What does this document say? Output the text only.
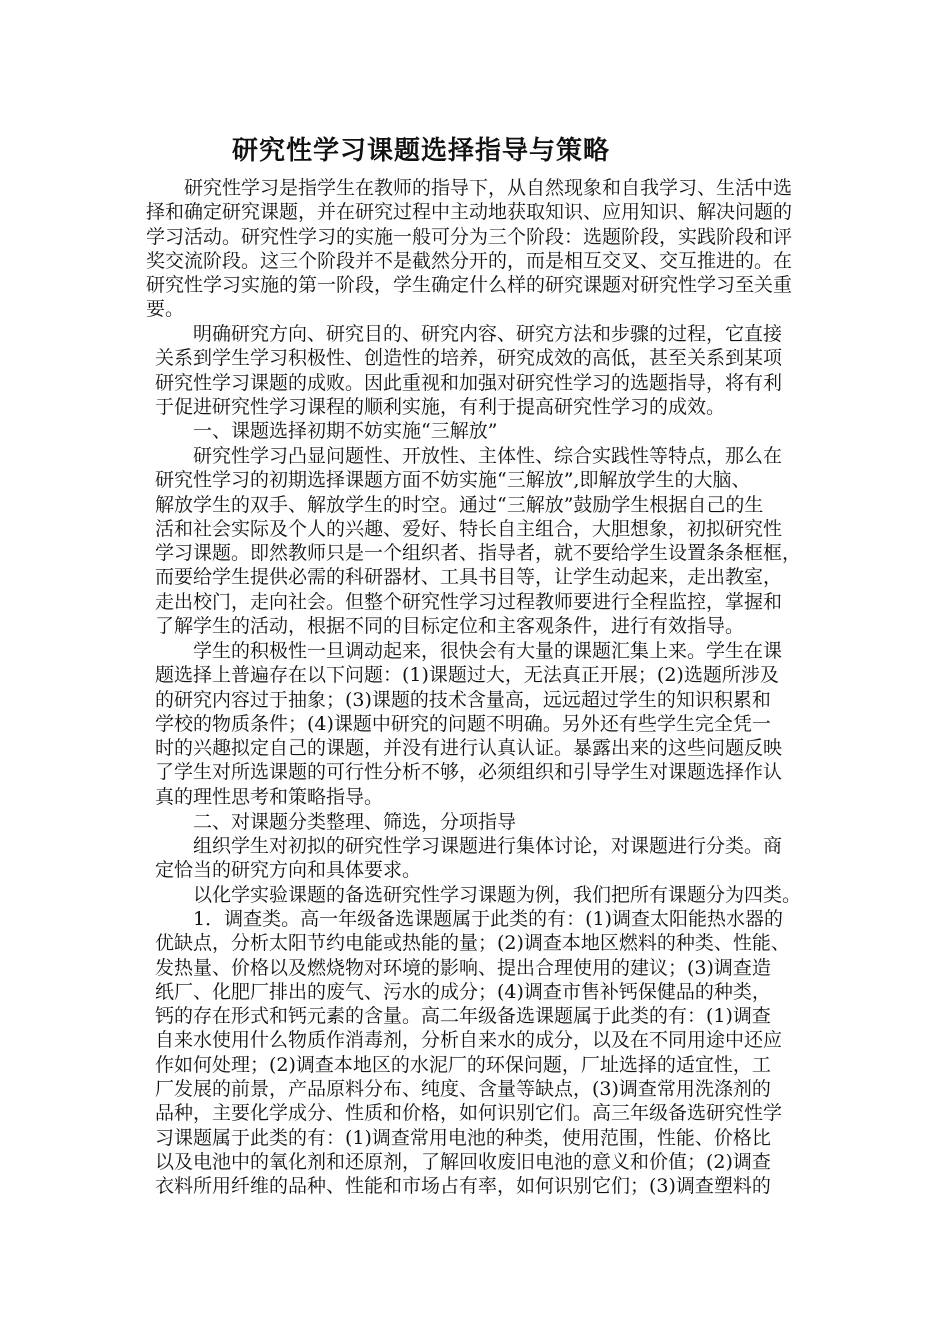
研究性学习课题选择指导与策略
研究性学习是指学生在教师的指导下，从自然现象和自我学习、生活中选
择和确定研究课题，并在研究过程中主动地获取知识、应用知识、解决问题的
学习活动。研究性学习的实施一般可分为三个阶段：选题阶段，实践阶段和评
奖交流阶段。这三个阶段并不是截然分开的，而是相互交叉、交互推进的。在
研究性学习实施的第一阶段，学生确定什么样的研究课题对研究性学习至关重
要。
明确研究方向、研究目的、研究内容、研究方法和步骤的过程，它直接
关系到学生学习积极性、创造性的培养，研究成效的高低，甚至关系到某项
研究性学习课题的成败。因此重视和加强对研究性学习的选题指导，将有利
于促进研究性学习课程的顺利实施，有利于提高研究性学习的成效。
一、课题选择初期不妨实施“三解放”
研究性学习凸显问题性、开放性、主体性、综合实践性等特点，那么在
研究性学习的初期选择课题方面不妨实施“三解放”,即解放学生的大脑、
解放学生的双手、解放学生的时空。通过“三解放”鼓励学生根据自己的生
活和社会实际及个人的兴趣、爱好、特长自主组合，大胆想象，初拟研究性
学习课题。即然教师只是一个组织者、指导者，就不要给学生设置条条框框，
而要给学生提供必需的科研器材、工具书目等，让学生动起来，走出教室，
走出校门，走向社会。但整个研究性学习过程教师要进行全程监控，掌握和
了解学生的活动，根据不同的目标定位和主客观条件，进行有效指导。
学生的积极性一旦调动起来，很快会有大量的课题汇集上来。学生在课
题选择上普遍存在以下问题：(1)课题过大，无法真正开展；(2)选题所涉及
的研究内容过于抽象；(3)课题的技术含量高，远远超过学生的知识积累和
学校的物质条件；(4)课题中研究的问题不明确。另外还有些学生完全凭一
时的兴趣拟定自己的课题，并没有进行认真认证。暴露出来的这些问题反映
了学生对所选课题的可行性分析不够，必须组织和引导学生对课题选择作认
真的理性思考和策略指导。
二、对课题分类整理、筛选，分项指导
组织学生对初拟的研究性学习课题进行集体讨论，对课题进行分类。商
定恰当的研究方向和具体要求。
以化学实验课题的备选研究性学习课题为例，我们把所有课题分为四类。
1．调查类。高一年级备选课题属于此类的有：(1)调查太阳能热水器的
优缺点，分析太阳节约电能或热能的量；(2)调查本地区燃料的种类、性能、
发热量、价格以及燃烧物对环境的影响、提出合理使用的建议；(3)调查造
纸厂、化肥厂排出的废气、污水的成分；(4)调查市售补钙保健品的种类，
钙的存在形式和钙元素的含量。高二年级备选课题属于此类的有：(1)调查
自来水使用什么物质作消毒剂，分析自来水的成分，以及在不同用途中还应
作如何处理；(2)调查本地区的水泥厂的环保问题，厂址选择的适宜性，工
厂发展的前景，产品原料分布、纯度、含量等缺点，(3)调查常用洗涤剂的
品种，主要化学成分、性质和价格，如何识别它们。高三年级备选研究性学
习课题属于此类的有：(1)调查常用电池的种类，使用范围，性能、价格比
以及电池中的氧化剂和还原剂，了解回收废旧电池的意义和价值；(2)调查
衣料所用纤维的品种、性能和市场占有率，如何识别它们；(3)调查塑料的
